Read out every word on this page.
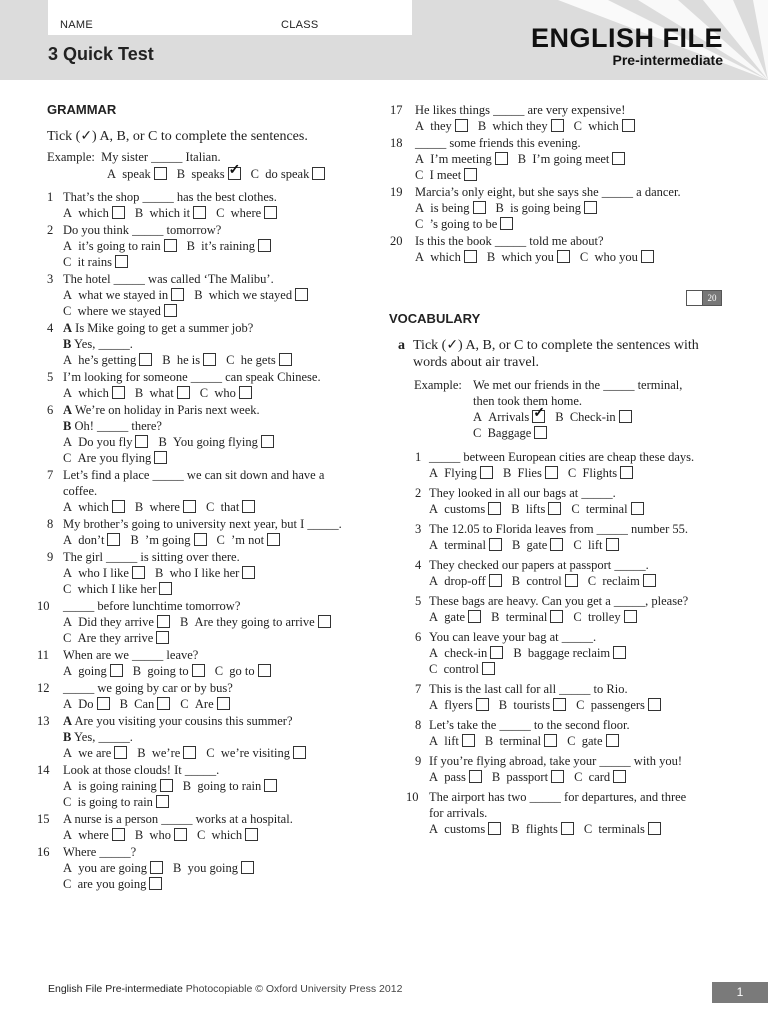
NAME	CLASS
3 Quick Test
ENGLISH FILE
Pre-intermediate
GRAMMAR
Tick (✓) A, B, or C to complete the sentences.
Example: My sister _____ Italian.
A  speak B  speaks✓ C  do speak
1 That’s the shop _____ has the best clothes.
A  which B  which it C  where
2 Do you think _____ tomorrow?
A  it’s going to rain B  it’s raining
C  it rains
3 The hotel _____ was called ‘The Malibu’.
A  what we stayed in B  which we stayed
C  where we stayed
4 A Is Mike going to get a summer job?
B Yes, _____.
A  he’s getting B  he is C  he gets
5 I’m looking for someone _____ can speak Chinese.
A  which B  what C  who
6 A We’re on holiday in Paris next week.
B Oh! _____ there?
A  Do you fly B  You going flying
C  Are you flying
7 Let’s find a place _____ we can sit down and have a
coffee.
A  which B  where C  that
8 My brother’s going to university next year, but I _____.
A  don’t B  ’m going C  ’m not
9 The girl _____ is sitting over there.
A  who I like B  who I like her
C  which I like her
10 _____ before lunchtime tomorrow?
A  Did they arrive B  Are they going to arrive
C  Are they arrive
11 When are we _____ leave?
A  going B  going to C  go to
12 _____ we going by car or by bus?
A  Do B  Can C  Are
13 A Are you visiting your cousins this summer?
B Yes, _____.
A  we are B  we’re C  we’re visiting
14 Look at those clouds! It _____.
A  is going raining B  going to rain
C  is going to rain
15 A nurse is a person _____ works at a hospital.
A  where B  who C  which
16 Where _____?
A  you are going B  you going
C  are you going
17 He likes things _____ are very expensive!
A  they B  which they C  which
18 _____ some friends this evening.
A  I’m meeting B  I’m going meet
C  I meet
19 Marcia’s only eight, but she says she _____ a dancer.
A  is being B  is going being
C  ’s going to be
20 Is this the book _____ told me about?
A  which B  which you C  who you
VOCABULARY
a Tick (✓) A, B, or C to complete the sentences with words about air travel.
Example: We met our friends in the _____ terminal,
then took them home.
A  Arrivals✓ B  Check-in
C  Baggage
1 _____ between European cities are cheap these days.
A  Flying B  Flies C  Flights
2 They looked in all our bags at _____.
A  customs B  lifts C  terminal
3 The 12.05 to Florida leaves from _____ number 55.
A  terminal B  gate C  lift
4 They checked our papers at passport _____.
A  drop-off B  control C  reclaim
5 These bags are heavy. Can you get a _____, please?
A  gate B  terminal C  trolley
6 You can leave your bag at _____.
A  check-in B  baggage reclaim
C  control
7 This is the last call for all _____ to Rio.
A  flyers B  tourists C  passengers
8 Let’s take the _____ to the second floor.
A  lift B  terminal C  gate
9 If you’re flying abroad, take your _____ with you!
A  pass B  passport C  card
10 The airport has two _____ for departures, and three
for arrivals.
A  customs B  flights C  terminals
20
English File Pre-intermediate Photocopiable © Oxford University Press 2012	1
